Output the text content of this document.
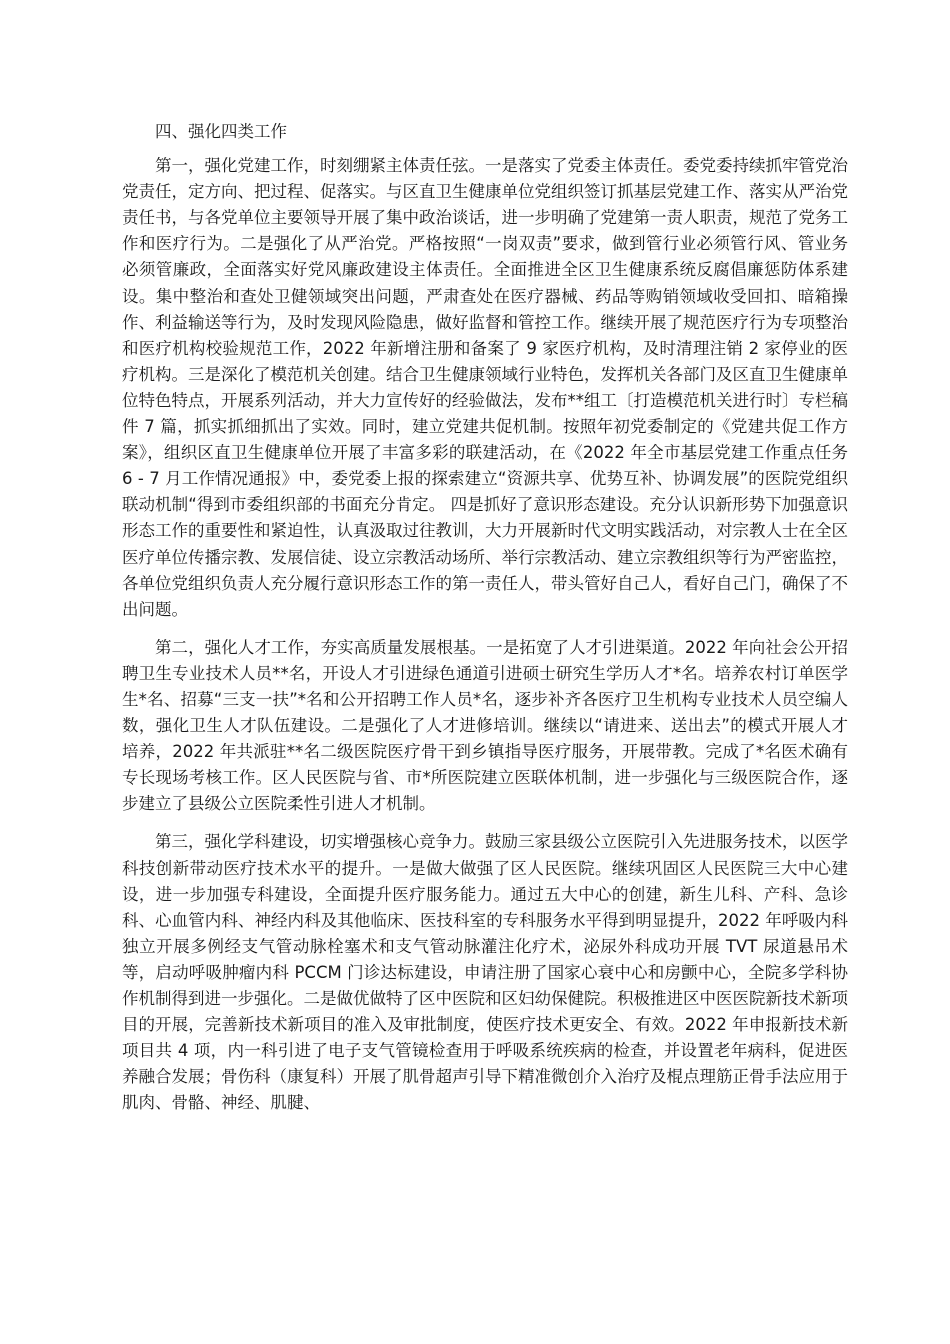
四、强化四类工作

第一，强化党建工作，时刻绷紧主体责任弦。一是落实了党委主体责任。委党委持续抓牢管党治党责任，定方向、把过程、促落实。与区直卫生健康单位党组织签订抓基层党建工作、落实从严治党责任书，与各党单位主要领导开展了集中政治谈话，进一步明确了党建第一责人职责，规范了党务工作和医疗行为。二是强化了从严治党。严格按照“一岗双责”要求，做到管行业必须管行风、管业务必须管廉政，全面落实好党风廉政建设主体责任。全面推进全区卫生健康系统反腐倡廉惩防体系建设。集中整治和查处卫健领域突出问题，严肃查处在医疗器械、药品等购销领域收受回扣、暗箱操作、利益输送等行为，及时发现风险隐患，做好监督和管控工作。继续开展了规范医疗行为专项整治和医疗机构校验规范工作，2022 年新增注册和备案了 9 家医疗机构，及时清理注销 2 家停业的医疗机构。三是深化了模范机关创建。结合卫生健康领域行业特色，发挥机关各部门及区直卫生健康单位特色特点，开展系列活动，并大力宣传好的经验做法，发布**组工〔打造模范机关进行时〕专栏稿件 7 篇，抓实抓细抓出了实效。同时，建立党建共促机制。按照年初党委制定的《党建共促工作方案》，组织区直卫生健康单位开展了丰富多彩的联建活动，在《2022 年全市基层党建工作重点任务 6 - 7 月工作情况通报》中，委党委上报的探索建立“资源共享、优势互补、协调发展”的医院党组织联动机制“得到市委组织部的书面充分肯定。 四是抓好了意识形态建设。充分认识新形势下加强意识形态工作的重要性和紧迫性，认真汲取过往教训，大力开展新时代文明实践活动，对宗教人士在全区医疗单位传播宗教、发展信徒、设立宗教活动场所、举行宗教活动、建立宗教组织等行为严密监控，各单位党组织负责人充分履行意识形态工作的第一责任人，带头管好自己人，看好自己门，确保了不出问题。

第二，强化人才工作，夯实高质量发展根基。一是拓宽了人才引进渠道。2022 年向社会公开招聘卫生专业技术人员**名，开设人才引进绿色通道引进硕士研究生学历人才*名。培养农村订单医学生*名、招募“三支一扶”*名和公开招聘工作人员*名，逐步补齐各医疗卫生机构专业技术人员空编人数，强化卫生人才队伍建设。二是强化了人才进修培训。继续以“请进来、送出去”的模式开展人才培养，2022 年共派驻**名二级医院医疗骨干到乡镇指导医疗服务，开展带教。完成了*名医术确有专长现场考核工作。区人民医院与省、市*所医院建立医联体机制，进一步强化与三级医院合作，逐步建立了县级公立医院柔性引进人才机制。

第三，强化学科建设，切实增强核心竞争力。鼓励三家县级公立医院引入先进服务技术，以医学科技创新带动医疗技术水平的提升。一是做大做强了区人民医院。继续巩固区人民医院三大中心建设，进一步加强专科建设，全面提升医疗服务能力。通过五大中心的创建，新生儿科、产科、急诊科、心血管内科、神经内科及其他临床、医技科室的专科服务水平得到明显提升，2022 年呼吸内科独立开展多例经支气管动脉栓塞术和支气管动脉灌注化疗术，泌尿外科成功开展 TVT 尿道悬吊术等，启动呼吸肿瘤内科 PCCM 门诊达标建设，申请注册了国家心衰中心和房颤中心，全院多学科协作机制得到进一步强化。二是做优做特了区中医院和区妇幼保健院。积极推进区中医医院新技术新项目的开展，完善新技术新项目的准入及审批制度，使医疗技术更安全、有效。2022 年申报新技术新项目共 4 项，内一科引进了电子支气管镜检查用于呼吸系统疾病的检查，并设置老年病科，促进医养融合发展；骨伤科（康复科）开展了肌骨超声引导下精准微创介入治疗及棍点理筋正骨手法应用于肌肉、骨骼、神经、肌腱、
